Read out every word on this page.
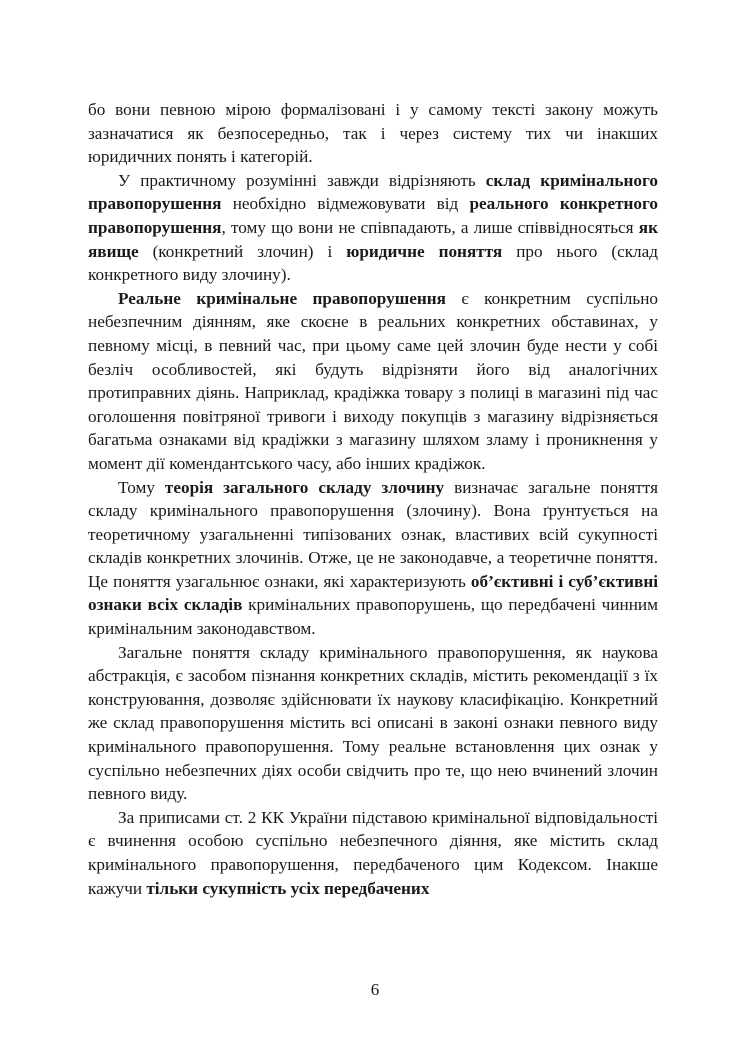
бо вони певною мірою формалізовані і у самому тексті закону можуть зазначатися як безпосередньо, так і через систему тих чи інакших юридичних понять і категорій.

У практичному розумінні завжди відрізняють склад кримінального правопорушення необхідно відмежовувати від реального конкретного правопорушення, тому що вони не співпадають, а лише співвідносяться як явище (конкретний злочин) і юридичне поняття про нього (склад конкретного виду злочину).

Реальне кримінальне правопорушення є конкретним суспільно небезпечним діянням, яке скоєне в реальних конкретних обставинах, у певному місці, в певний час, при цьому саме цей злочин буде нести у собі безліч особливостей, які будуть відрізняти його від аналогічних протиправних діянь. Наприклад, крадіжка товару з полиці в магазині під час оголошення повітряної тривоги і виходу покупців з магазину відрізняється багатьма ознаками від крадіжки з магазину шляхом зламу і проникнення у момент дії комендантського часу, або інших крадіжок.

Тому теорія загального складу злочину визначає загальне поняття складу кримінального правопорушення (злочину). Вона ґрунтується на теоретичному узагальненні типізованих ознак, властивих всій сукупності складів конкретних злочинів. Отже, це не законодавче, а теоретичне поняття. Це поняття узагальнює ознаки, які характеризують об’єктивні і суб’єктивні ознаки всіх складів кримінальних правопорушень, що передбачені чинним кримінальним законодавством.

Загальне поняття складу кримінального правопорушення, як наукова абстракція, є засобом пізнання конкретних складів, містить рекомендації з їх конструювання, дозволяє здійснювати їх наукову класифікацію. Конкретний же склад правопорушення містить всі описані в законі ознаки певного виду кримінального правопорушення. Тому реальне встановлення цих ознак у суспільно небезпечних діях особи свідчить про те, що нею вчинений злочин певного виду.

За приписами ст. 2 КК України підставою кримінальної відповідальності є вчинення особою суспільно небезпечного діяння, яке містить склад кримінального правопорушення, передбаченого цим Кодексом. Інакше кажучи тільки сукупність усіх передбачених

6
